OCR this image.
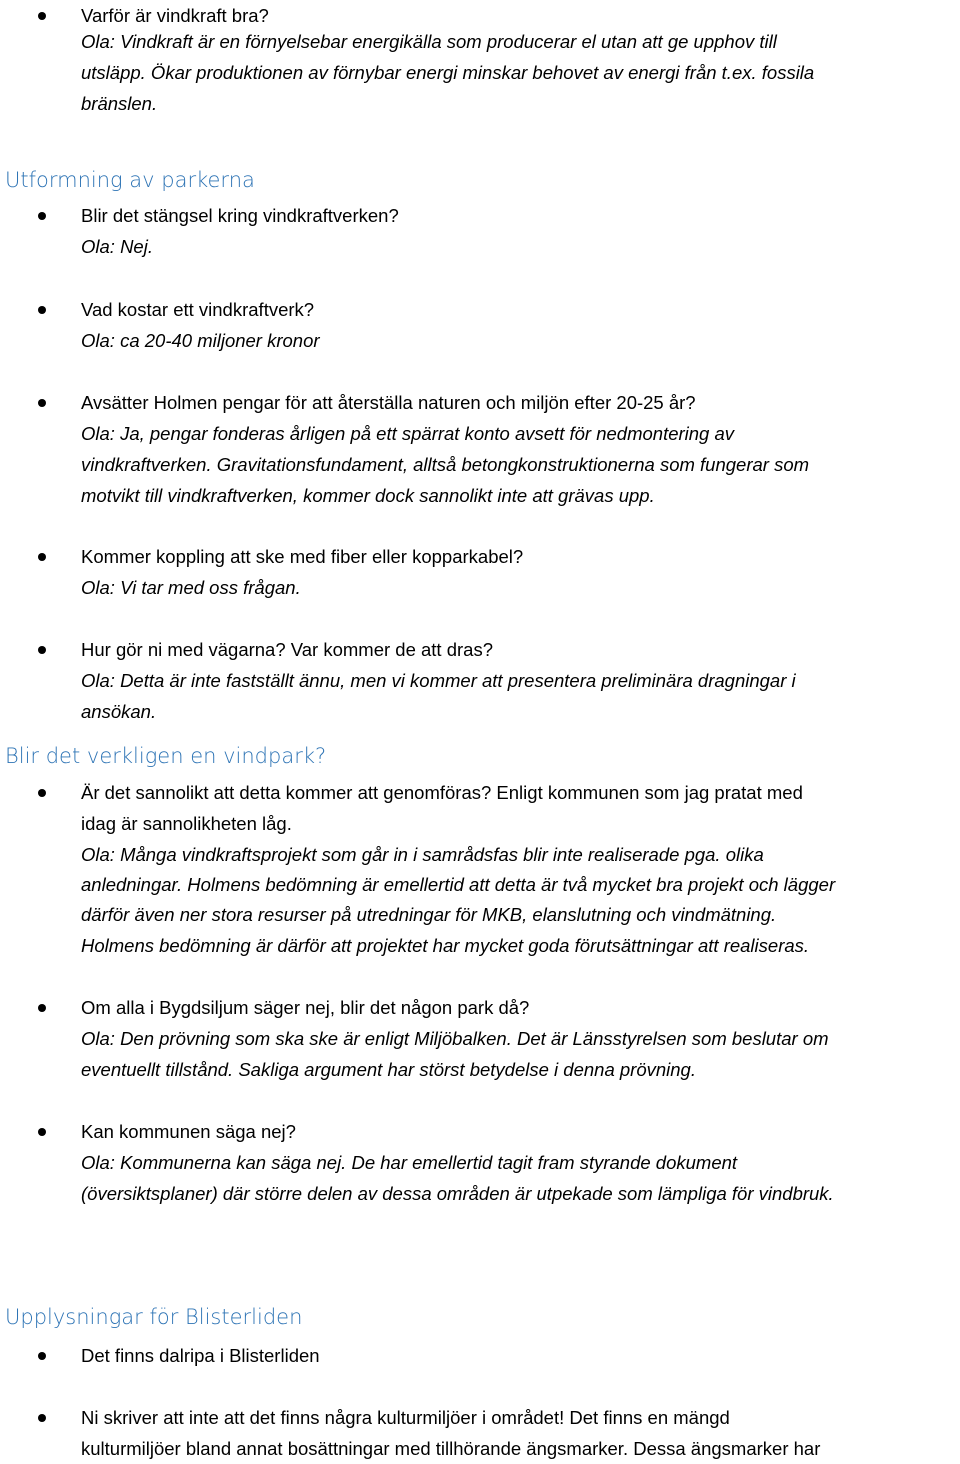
Varför är vindkraft bra?
Ola: Vindkraft är en förnyelsebar energikälla som producerar el utan att ge upphov till
utsläpp. Ökar produktionen av förnybar energi minskar behovet av energi från t.ex. fossila
bränslen.
Utformning av parkerna
Blir det stängsel kring vindkraftverken?
Ola: Nej.
Vad kostar ett vindkraftverk?
Ola: ca 20-40 miljoner kronor
Avsätter Holmen pengar för att återställa naturen och miljön efter 20-25 år?
Ola: Ja, pengar fonderas årligen på ett spärrat konto avsett för nedmontering av
vindkraftverken. Gravitationsfundament, alltså betongkonstruktionerna som fungerar som
motvikt till vindkraftverken, kommer dock sannolikt inte att grävas upp.
Kommer koppling att ske med fiber eller kopparkabel?
Ola: Vi tar med oss frågan.
Hur gör ni med vägarna? Var kommer de att dras?
Ola: Detta är inte fastställt ännu, men vi kommer att presentera preliminära dragningar i
ansökan.
Blir det verkligen en vindpark?
Är det sannolikt att detta kommer att genomföras? Enligt kommunen som jag pratat med
idag är sannolikheten låg.
Ola: Många vindkraftsprojekt som går in i samrådsfas blir inte realiserade pga. olika
anledningar. Holmens bedömning är emellertid att detta är två mycket bra projekt och lägger
därför även ner stora resurser på utredningar för MKB, elanslutning och vindmätning.
Holmens bedömning är därför att projektet har mycket goda förutsättningar att realiseras.
Om alla i Bygdsiljum säger nej, blir det någon park då?
Ola: Den prövning som ska ske är enligt Miljöbalken. Det är Länsstyrelsen som beslutar om
eventuellt tillstånd. Sakliga argument har störst betydelse i denna prövning.
Kan kommunen säga nej?
Ola: Kommunerna kan säga nej. De har emellertid tagit fram styrande dokument
(översiktsplaner) där större delen av dessa områden är utpekade som lämpliga för vindbruk.
Upplysningar för Blisterliden
Det finns dalripa i Blisterliden
Ni skriver att inte att det finns några kulturmiljöer i området! Det finns en mängd
kulturmiljöer bland annat bosättningar med tillhörande ängsmarker. Dessa ängsmarker har
